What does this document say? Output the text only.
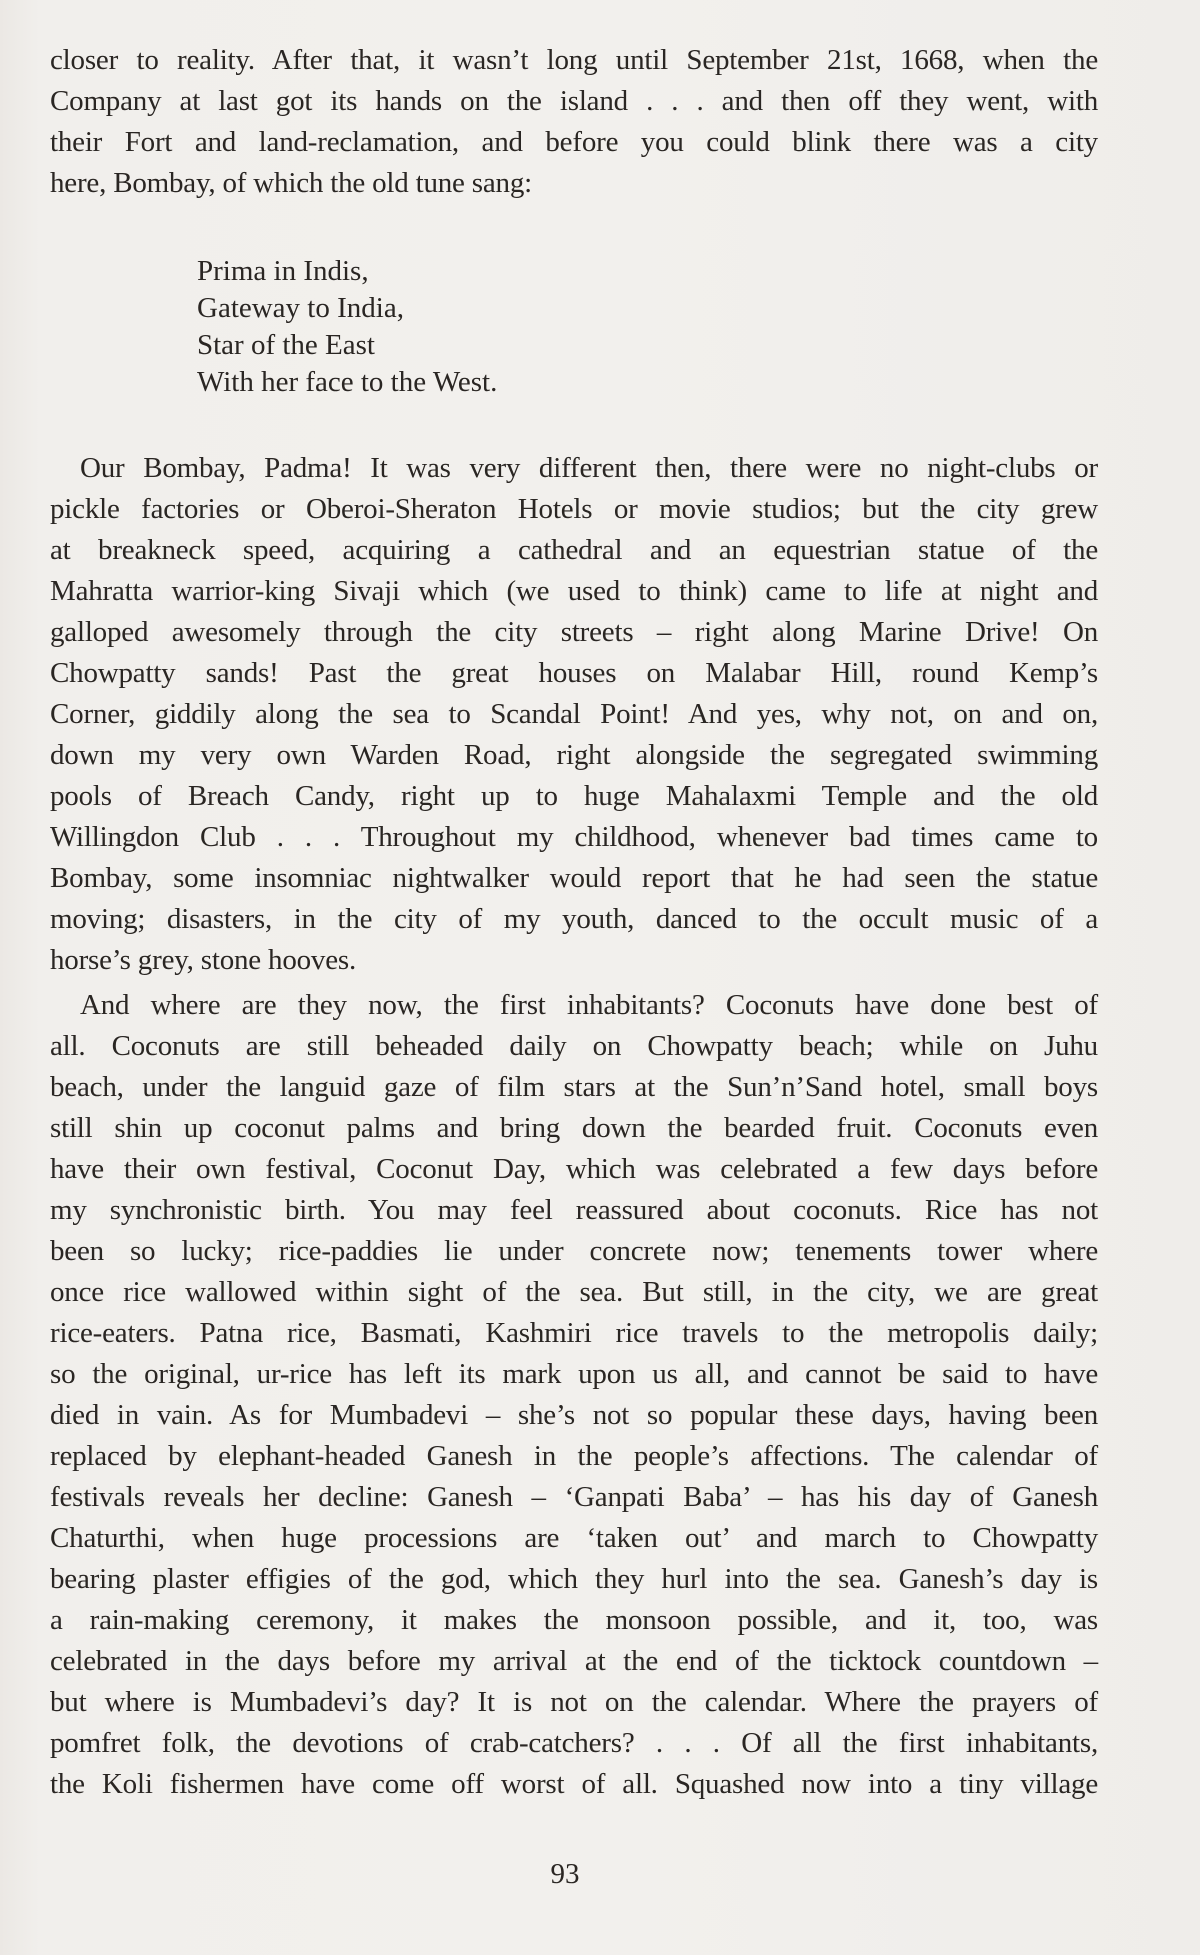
closer to reality. After that, it wasn’t long until September 21st, 1668, when the
Company at last got its hands on the island . . . and then off they went, with
their Fort and land-reclamation, and before you could blink there was a city
here, Bombay, of which the old tune sang:
Prima in Indis,
Gateway to India,
Star of the East
With her face to the West.
Our Bombay, Padma! It was very different then, there were no night-clubs or
pickle factories or Oberoi-Sheraton Hotels or movie studios; but the city grew
at breakneck speed, acquiring a cathedral and an equestrian statue of the
Mahratta warrior-king Sivaji which (we used to think) came to life at night and
galloped awesomely through the city streets – right along Marine Drive! On
Chowpatty sands! Past the great houses on Malabar Hill, round Kemp’s
Corner, giddily along the sea to Scandal Point! And yes, why not, on and on,
down my very own Warden Road, right alongside the segregated swimming
pools of Breach Candy, right up to huge Mahalaxmi Temple and the old
Willingdon Club . . . Throughout my childhood, whenever bad times came to
Bombay, some insomniac nightwalker would report that he had seen the statue
moving; disasters, in the city of my youth, danced to the occult music of a
horse’s grey, stone hooves.
And where are they now, the first inhabitants? Coconuts have done best of
all. Coconuts are still beheaded daily on Chowpatty beach; while on Juhu
beach, under the languid gaze of film stars at the Sun’n’Sand hotel, small boys
still shin up coconut palms and bring down the bearded fruit. Coconuts even
have their own festival, Coconut Day, which was celebrated a few days before
my synchronistic birth. You may feel reassured about coconuts. Rice has not
been so lucky; rice-paddies lie under concrete now; tenements tower where
once rice wallowed within sight of the sea. But still, in the city, we are great
rice-eaters. Patna rice, Basmati, Kashmiri rice travels to the metropolis daily;
so the original, ur-rice has left its mark upon us all, and cannot be said to have
died in vain. As for Mumbadevi – she’s not so popular these days, having been
replaced by elephant-headed Ganesh in the people’s affections. The calendar of
festivals reveals her decline: Ganesh – ‘Ganpati Baba’ – has his day of Ganesh
Chaturthi, when huge processions are ‘taken out’ and march to Chowpatty
bearing plaster effigies of the god, which they hurl into the sea. Ganesh’s day is
a rain-making ceremony, it makes the monsoon possible, and it, too, was
celebrated in the days before my arrival at the end of the ticktock countdown –
but where is Mumbadevi’s day? It is not on the calendar. Where the prayers of
pomfret folk, the devotions of crab-catchers? . . . Of all the first inhabitants,
the Koli fishermen have come off worst of all. Squashed now into a tiny village
93
